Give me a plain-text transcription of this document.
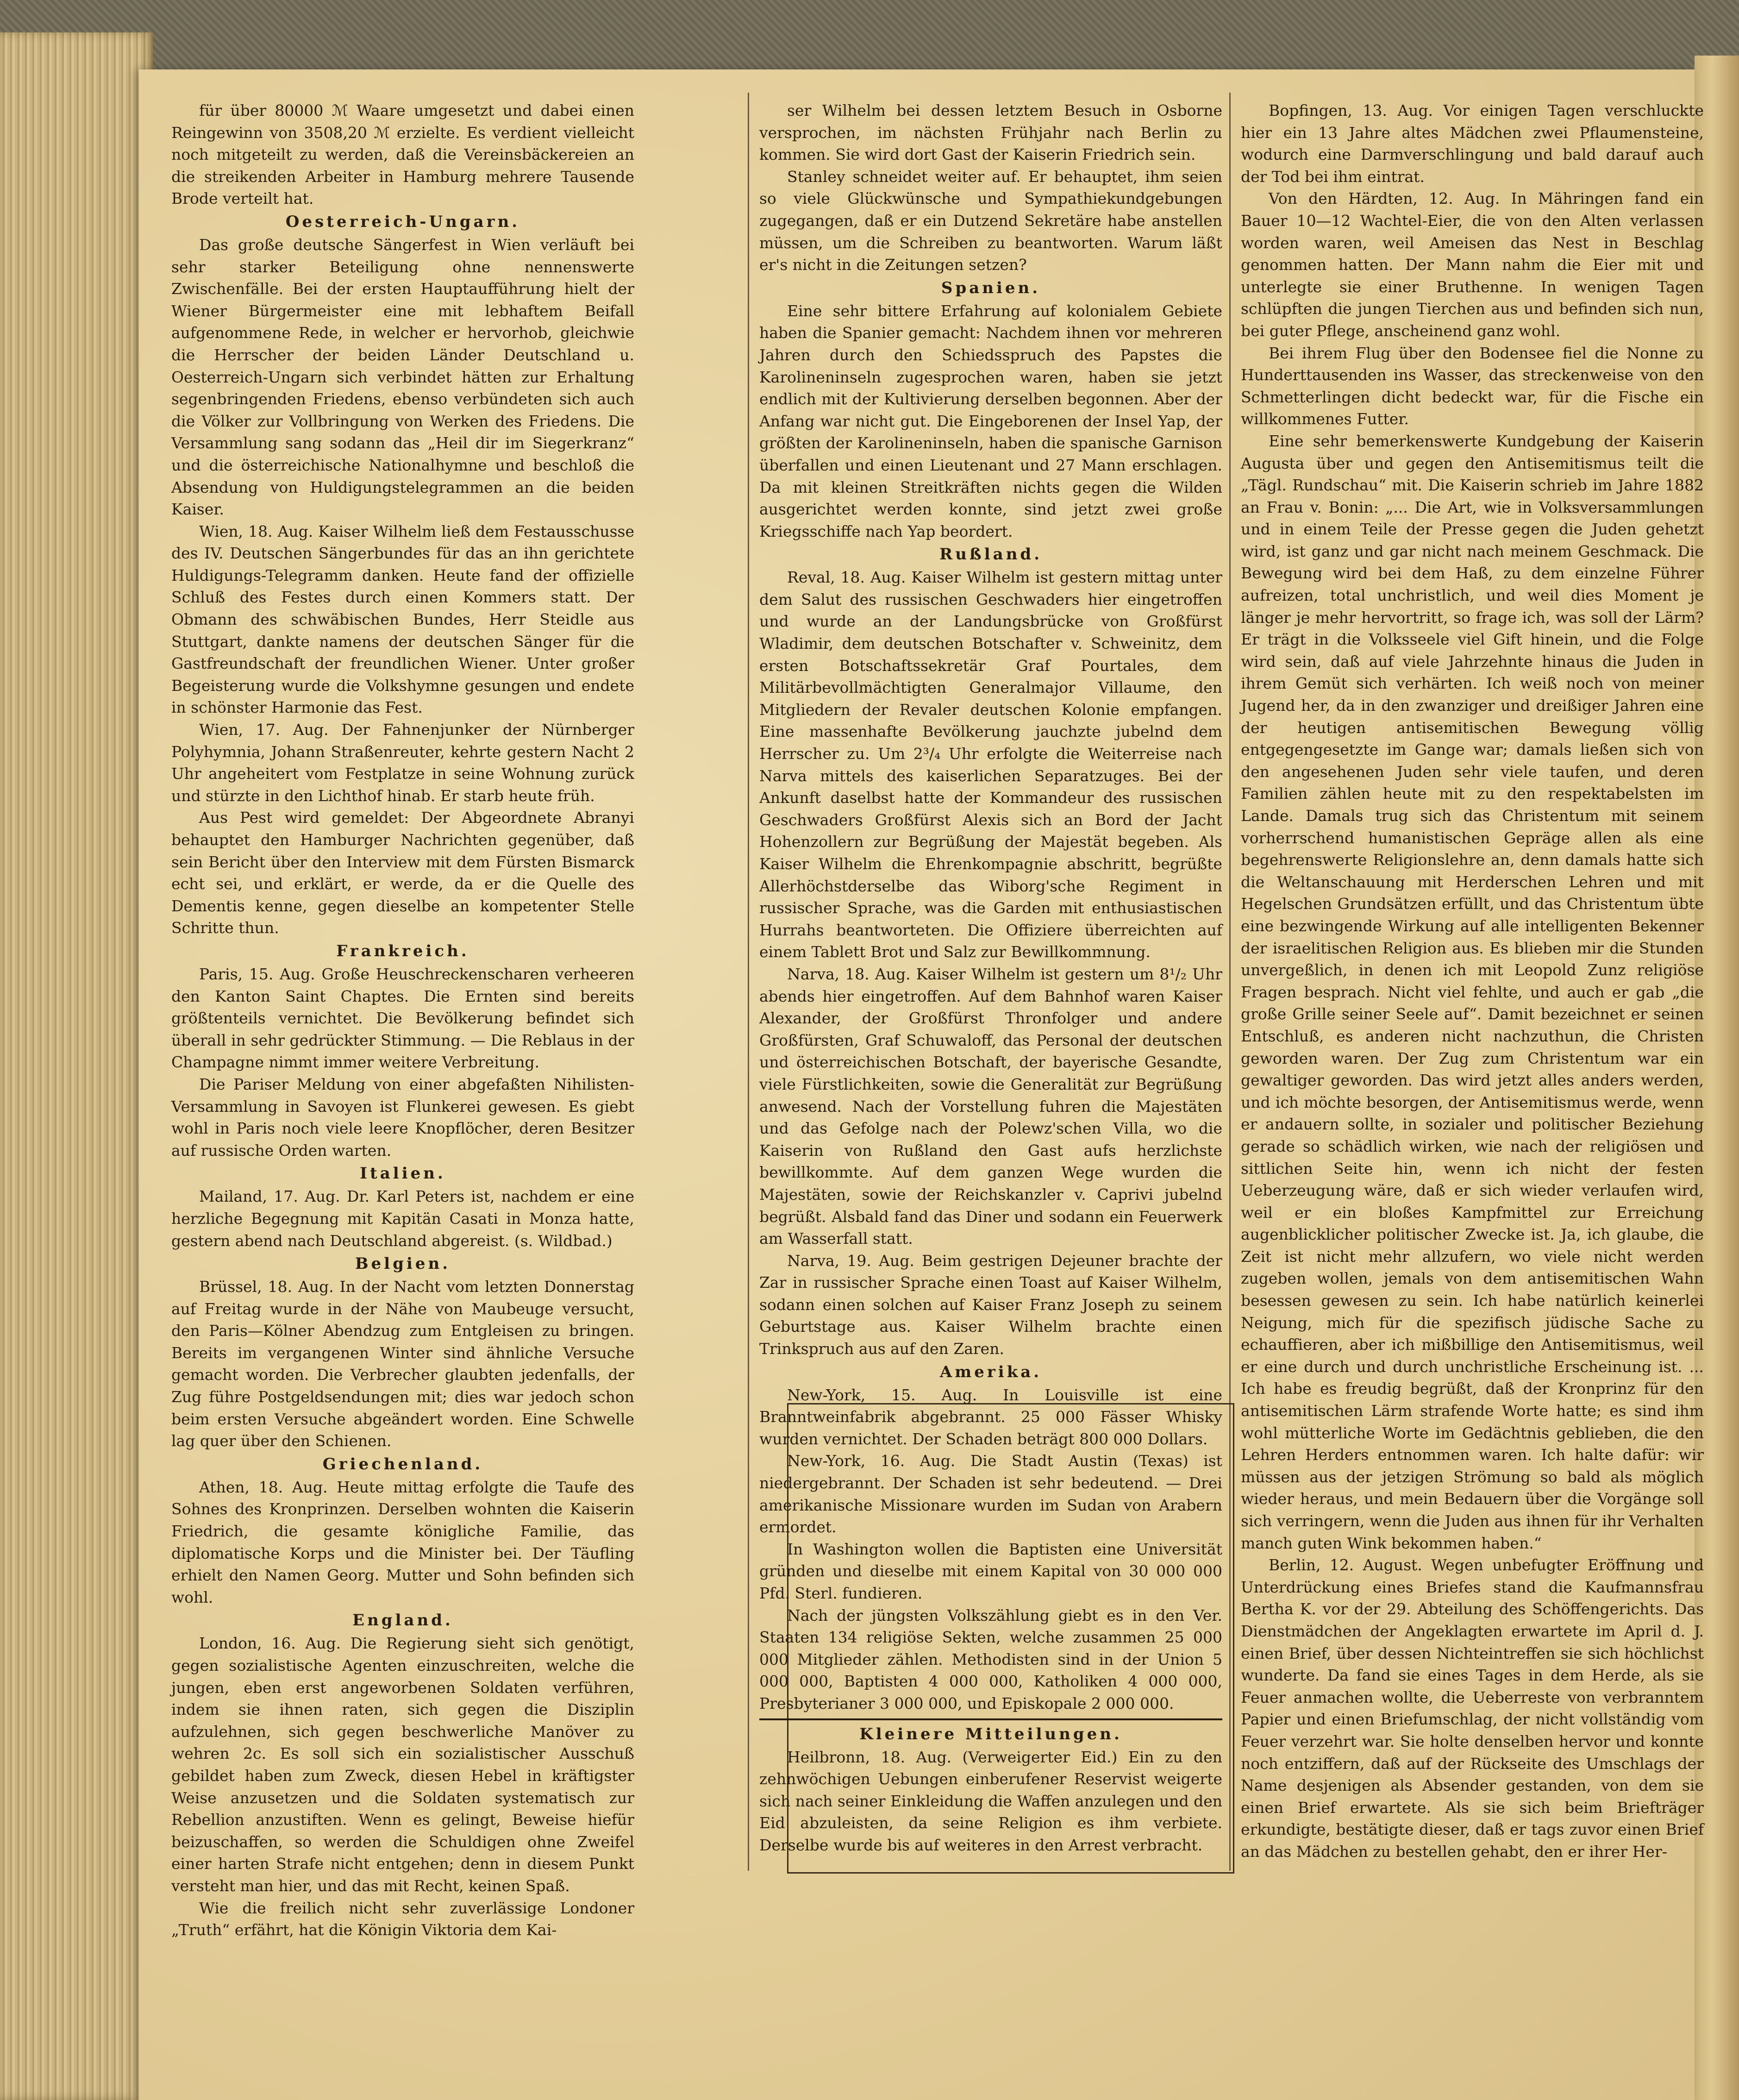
für über 80000 ℳ Waare umgesetzt und dabei einen Reingewinn von 3508,20 ℳ erzielte. Es verdient vielleicht noch mitgeteilt zu werden, daß die Vereinsbäckereien an die streikenden Arbeiter in Hamburg mehrere Tausende Brode verteilt hat.

Oesterreich-Ungarn.

Das große deutsche Sängerfest in Wien verläuft bei sehr starker Beteiligung ohne nennenswerte Zwischenfälle. Bei der ersten Hauptaufführung hielt der Wiener Bürgermeister eine mit lebhaftem Beifall aufgenommene Rede, in welcher er hervorhob, gleichwie die Herrscher der beiden Länder Deutschland u. Oesterreich-Ungarn sich verbindet hätten zur Erhaltung segenbringenden Friedens, ebenso verbündeten sich auch die Völker zur Vollbringung von Werken des Friedens. Die Versammlung sang sodann das „Heil dir im Siegerkranz“ und die österreichische Nationalhymne und beschloß die Absendung von Huldigungstelegrammen an die beiden Kaiser.

Wien, 18. Aug. Kaiser Wilhelm ließ dem Festausschusse des IV. Deutschen Sängerbundes für das an ihn gerichtete Huldigungs-Telegramm danken. Heute fand der offizielle Schluß des Festes durch einen Kommers statt. Der Obmann des schwäbischen Bundes, Herr Steidle aus Stuttgart, dankte namens der deutschen Sänger für die Gastfreundschaft der freundlichen Wiener. Unter großer Begeisterung wurde die Volkshymne gesungen und endete in schönster Harmonie das Fest.

Wien, 17. Aug. Der Fahnenjunker der Nürnberger Polyhymnia, Johann Straßenreuter, kehrte gestern Nacht 2 Uhr angeheitert vom Festplatze in seine Wohnung zurück und stürzte in den Lichthof hinab. Er starb heute früh.

Aus Pest wird gemeldet: Der Abgeordnete Abranyi behauptet den Hamburger Nachrichten gegenüber, daß sein Bericht über den Interview mit dem Fürsten Bismarck echt sei, und erklärt, er werde, da er die Quelle des Dementis kenne, gegen dieselbe an kompetenter Stelle Schritte thun.

Frankreich.

Paris, 15. Aug. Große Heuschreckenscharen verheeren den Kanton Saint Chaptes. Die Ernten sind bereits größtenteils vernichtet. Die Bevölkerung befindet sich überall in sehr gedrückter Stimmung. — Die Reblaus in der Champagne nimmt immer weitere Verbreitung.

Die Pariser Meldung von einer abgefaßten Nihilisten-Versammlung in Savoyen ist Flunkerei gewesen. Es giebt wohl in Paris noch viele leere Knopflöcher, deren Besitzer auf russische Orden warten.

Italien.

Mailand, 17. Aug. Dr. Karl Peters ist, nachdem er eine herzliche Begegnung mit Kapitän Casati in Monza hatte, gestern abend nach Deutschland abgereist. (s. Wildbad.)

Belgien.

Brüssel, 18. Aug. In der Nacht vom letzten Donnerstag auf Freitag wurde in der Nähe von Maubeuge versucht, den Paris—Kölner Abendzug zum Entgleisen zu bringen. Bereits im vergangenen Winter sind ähnliche Versuche gemacht worden. Die Verbrecher glaubten jedenfalls, der Zug führe Postgeldsendungen mit; dies war jedoch schon beim ersten Versuche abgeändert worden. Eine Schwelle lag quer über den Schienen.

Griechenland.

Athen, 18. Aug. Heute mittag erfolgte die Taufe des Sohnes des Kronprinzen. Derselben wohnten die Kaiserin Friedrich, die gesamte königliche Familie, das diplomatische Korps und die Minister bei. Der Täufling erhielt den Namen Georg. Mutter und Sohn befinden sich wohl.

England.

London, 16. Aug. Die Regierung sieht sich genötigt, gegen sozialistische Agenten einzuschreiten, welche die jungen, eben erst angeworbenen Soldaten verführen, indem sie ihnen raten, sich gegen die Disziplin aufzulehnen, sich gegen beschwerliche Manöver zu wehren 2c. Es soll sich ein sozialistischer Ausschuß gebildet haben zum Zweck, diesen Hebel in kräftigster Weise anzusetzen und die Soldaten systematisch zur Rebellion anzustiften. Wenn es gelingt, Beweise hiefür beizuschaffen, so werden die Schuldigen ohne Zweifel einer harten Strafe nicht entgehen; denn in diesem Punkt versteht man hier, und das mit Recht, keinen Spaß.

Wie die freilich nicht sehr zuverlässige Londoner „Truth“ erfährt, hat die Königin Viktoria dem Kai-

ser Wilhelm bei dessen letztem Besuch in Osborne versprochen, im nächsten Frühjahr nach Berlin zu kommen. Sie wird dort Gast der Kaiserin Friedrich sein.

Stanley schneidet weiter auf. Er behauptet, ihm seien so viele Glückwünsche und Sympathiekundgebungen zugegangen, daß er ein Dutzend Sekretäre habe anstellen müssen, um die Schreiben zu beantworten. Warum läßt er's nicht in die Zeitungen setzen?

Spanien.

Eine sehr bittere Erfahrung auf kolonialem Gebiete haben die Spanier gemacht: Nachdem ihnen vor mehreren Jahren durch den Schiedsspruch des Papstes die Karolineninseln zugesprochen waren, haben sie jetzt endlich mit der Kultivierung derselben begonnen. Aber der Anfang war nicht gut. Die Eingeborenen der Insel Yap, der größten der Karolineninseln, haben die spanische Garnison überfallen und einen Lieutenant und 27 Mann erschlagen. Da mit kleinen Streitkräften nichts gegen die Wilden ausgerichtet werden konnte, sind jetzt zwei große Kriegsschiffe nach Yap beordert.

Rußland.

Reval, 18. Aug. Kaiser Wilhelm ist gestern mittag unter dem Salut des russischen Geschwaders hier eingetroffen und wurde an der Landungsbrücke von Großfürst Wladimir, dem deutschen Botschafter v. Schweinitz, dem ersten Botschaftssekretär Graf Pourtales, dem Militärbevollmächtigten Generalmajor Villaume, den Mitgliedern der Revaler deutschen Kolonie empfangen. Eine massenhafte Bevölkerung jauchzte jubelnd dem Herrscher zu. Um 2³/₄ Uhr erfolgte die Weiterreise nach Narva mittels des kaiserlichen Separatzuges. Bei der Ankunft daselbst hatte der Kommandeur des russischen Geschwaders Großfürst Alexis sich an Bord der Jacht Hohenzollern zur Begrüßung der Majestät begeben. Als Kaiser Wilhelm die Ehrenkompagnie abschritt, begrüßte Allerhöchstderselbe das Wiborg'sche Regiment in russischer Sprache, was die Garden mit enthusiastischen Hurrahs beantworteten. Die Offiziere überreichten auf einem Tablett Brot und Salz zur Bewillkommnung.

Narva, 18. Aug. Kaiser Wilhelm ist gestern um 8¹/₂ Uhr abends hier eingetroffen. Auf dem Bahnhof waren Kaiser Alexander, der Großfürst Thronfolger und andere Großfürsten, Graf Schuwaloff, das Personal der deutschen und österreichischen Botschaft, der bayerische Gesandte, viele Fürstlichkeiten, sowie die Generalität zur Begrüßung anwesend. Nach der Vorstellung fuhren die Majestäten und das Gefolge nach der Polewz'schen Villa, wo die Kaiserin von Rußland den Gast aufs herzlichste bewillkommte. Auf dem ganzen Wege wurden die Majestäten, sowie der Reichskanzler v. Caprivi jubelnd begrüßt. Alsbald fand das Diner und sodann ein Feuerwerk am Wasserfall statt.

Narva, 19. Aug. Beim gestrigen Dejeuner brachte der Zar in russischer Sprache einen Toast auf Kaiser Wilhelm, sodann einen solchen auf Kaiser Franz Joseph zu seinem Geburtstage aus. Kaiser Wilhelm brachte einen Trinkspruch aus auf den Zaren.

Amerika.

New-York, 15. Aug. In Louisville ist eine Branntweinfabrik abgebrannt. 25 000 Fässer Whisky wurden vernichtet. Der Schaden beträgt 800 000 Dollars.

New-York, 16. Aug. Die Stadt Austin (Texas) ist niedergebrannt. Der Schaden ist sehr bedeutend. — Drei amerikanische Missionare wurden im Sudan von Arabern ermordet.

In Washington wollen die Baptisten eine Universität gründen und dieselbe mit einem Kapital von 30 000 000 Pfd. Sterl. fundieren.

Nach der jüngsten Volkszählung giebt es in den Ver. Staaten 134 religiöse Sekten, welche zusammen 25 000 000 Mitglieder zählen. Methodisten sind in der Union 5 000 000, Baptisten 4 000 000, Katholiken 4 000 000, Presbyterianer 3 000 000, und Episkopale 2 000 000.

Kleinere Mitteilungen.

Heilbronn, 18. Aug. (Verweigerter Eid.) Ein zu den zehnwöchigen Uebungen einberufener Reservist weigerte sich nach seiner Einkleidung die Waffen anzulegen und den Eid abzuleisten, da seine Religion es ihm verbiete. Derselbe wurde bis auf weiteres in den Arrest verbracht.

Bopfingen, 13. Aug. Vor einigen Tagen verschluckte hier ein 13 Jahre altes Mädchen zwei Pflaumensteine, wodurch eine Darmverschlingung und bald darauf auch der Tod bei ihm eintrat.

Von den Härdten, 12. Aug. In Mähringen fand ein Bauer 10—12 Wachtel-Eier, die von den Alten verlassen worden waren, weil Ameisen das Nest in Beschlag genommen hatten. Der Mann nahm die Eier mit und unterlegte sie einer Bruthenne. In wenigen Tagen schlüpften die jungen Tierchen aus und befinden sich nun, bei guter Pflege, anscheinend ganz wohl.

Bei ihrem Flug über den Bodensee fiel die Nonne zu Hunderttausenden ins Wasser, das streckenweise von den Schmetterlingen dicht bedeckt war, für die Fische ein willkommenes Futter.

Eine sehr bemerkenswerte Kundgebung der Kaiserin Augusta über und gegen den Antisemitismus teilt die „Tägl. Rundschau“ mit. Die Kaiserin schrieb im Jahre 1882 an Frau v. Bonin: „... Die Art, wie in Volksversammlungen und in einem Teile der Presse gegen die Juden gehetzt wird, ist ganz und gar nicht nach meinem Geschmack. Die Bewegung wird bei dem Haß, zu dem einzelne Führer aufreizen, total unchristlich, und weil dies Moment je länger je mehr hervortritt, so frage ich, was soll der Lärm? Er trägt in die Volksseele viel Gift hinein, und die Folge wird sein, daß auf viele Jahrzehnte hinaus die Juden in ihrem Gemüt sich verhärten. Ich weiß noch von meiner Jugend her, da in den zwanziger und dreißiger Jahren eine der heutigen antisemitischen Bewegung völlig entgegengesetzte im Gange war; damals ließen sich von den angesehenen Juden sehr viele taufen, und deren Familien zählen heute mit zu den respektabelsten im Lande. Damals trug sich das Christentum mit seinem vorherrschend humanistischen Gepräge allen als eine begehrenswerte Religionslehre an, denn damals hatte sich die Weltanschauung mit Herderschen Lehren und mit Hegelschen Grundsätzen erfüllt, und das Christentum übte eine bezwingende Wirkung auf alle intelligenten Bekenner der israelitischen Religion aus. Es blieben mir die Stunden unvergeßlich, in denen ich mit Leopold Zunz religiöse Fragen besprach. Nicht viel fehlte, und auch er gab „die große Grille seiner Seele auf“. Damit bezeichnet er seinen Entschluß, es anderen nicht nachzuthun, die Christen geworden waren. Der Zug zum Christentum war ein gewaltiger geworden. Das wird jetzt alles anders werden, und ich möchte besorgen, der Antisemitismus werde, wenn er andauern sollte, in sozialer und politischer Beziehung gerade so schädlich wirken, wie nach der religiösen und sittlichen Seite hin, wenn ich nicht der festen Ueberzeugung wäre, daß er sich wieder verlaufen wird, weil er ein bloßes Kampfmittel zur Erreichung augenblicklicher politischer Zwecke ist. Ja, ich glaube, die Zeit ist nicht mehr allzufern, wo viele nicht werden zugeben wollen, jemals von dem antisemitischen Wahn besessen gewesen zu sein. Ich habe natürlich keinerlei Neigung, mich für die spezifisch jüdische Sache zu echauffieren, aber ich mißbillige den Antisemitismus, weil er eine durch und durch unchristliche Erscheinung ist. ... Ich habe es freudig begrüßt, daß der Kronprinz für den antisemitischen Lärm strafende Worte hatte; es sind ihm wohl mütterliche Worte im Gedächtnis geblieben, die den Lehren Herders entnommen waren. Ich halte dafür: wir müssen aus der jetzigen Strömung so bald als möglich wieder heraus, und mein Bedauern über die Vorgänge soll sich verringern, wenn die Juden aus ihnen für ihr Verhalten manch guten Wink bekommen haben.“

Berlin, 12. August. Wegen unbefugter Eröffnung und Unterdrückung eines Briefes stand die Kaufmannsfrau Bertha K. vor der 29. Abteilung des Schöffengerichts. Das Dienstmädchen der Angeklagten erwartete im April d. J. einen Brief, über dessen Nichteintreffen sie sich höchlichst wunderte. Da fand sie eines Tages in dem Herde, als sie Feuer anmachen wollte, die Ueberreste von verbranntem Papier und einen Briefumschlag, der nicht vollständig vom Feuer verzehrt war. Sie holte denselben hervor und konnte noch entziffern, daß auf der Rückseite des Umschlags der Name desjenigen als Absender gestanden, von dem sie einen Brief erwartete. Als sie sich beim Briefträger erkundigte, bestätigte dieser, daß er tags zuvor einen Brief an das Mädchen zu bestellen gehabt, den er ihrer Her-
